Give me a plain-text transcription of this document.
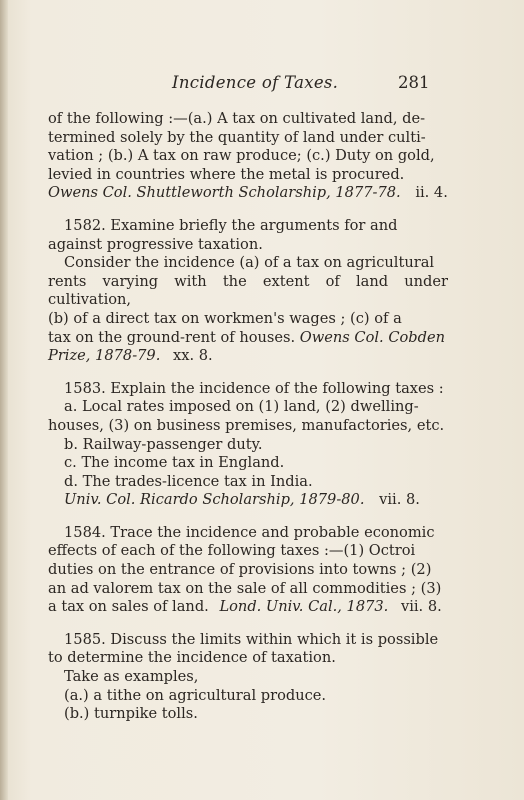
Incidence of Taxes.	281

of the following :—(a.) A tax on cultivated land, de-
termined solely by the quantity of land under culti-
vation ; (b.) A tax on raw produce; (c.) Duty on gold,
levied in countries where the metal is procured.
Owens Col. Shuttleworth Scholarship, 1877-78. ii. 4.

1582. Examine briefly the arguments for and

against progressive taxation.
Consider the incidence (a) of a tax on agricultural
rents varying with the extent of land under cultivation,
(b) of a direct tax on workmen's wages ; (c) of a
tax on the ground-rent of houses. Owens Col. Cobden
Prize, 1878-79. xx. 8.

1583. Explain the incidence of the following taxes :
a. Local rates imposed on (1) land, (2) dwelling-

houses, (3) on business premises, manufactories, etc.
b. Railway-passenger duty.
c. The income tax in England.
d. The trades-licence tax in India.
Univ. Col. Ricardo Scholarship, 1879-80. vii. 8.

1584. Trace the incidence and probable economic

effects of each of the following taxes :—(1) Octroi
duties on the entrance of provisions into towns ; (2)
an ad valorem tax on the sale of all commodities ; (3)
a tax on sales of land. Lond. Univ. Cal., 1873. vii. 8.

1585. Discuss the limits within which it is possible

to determine the incidence of taxation.
Take as examples,
(a.) a tithe on agricultural produce.
(b.) turnpike tolls.
